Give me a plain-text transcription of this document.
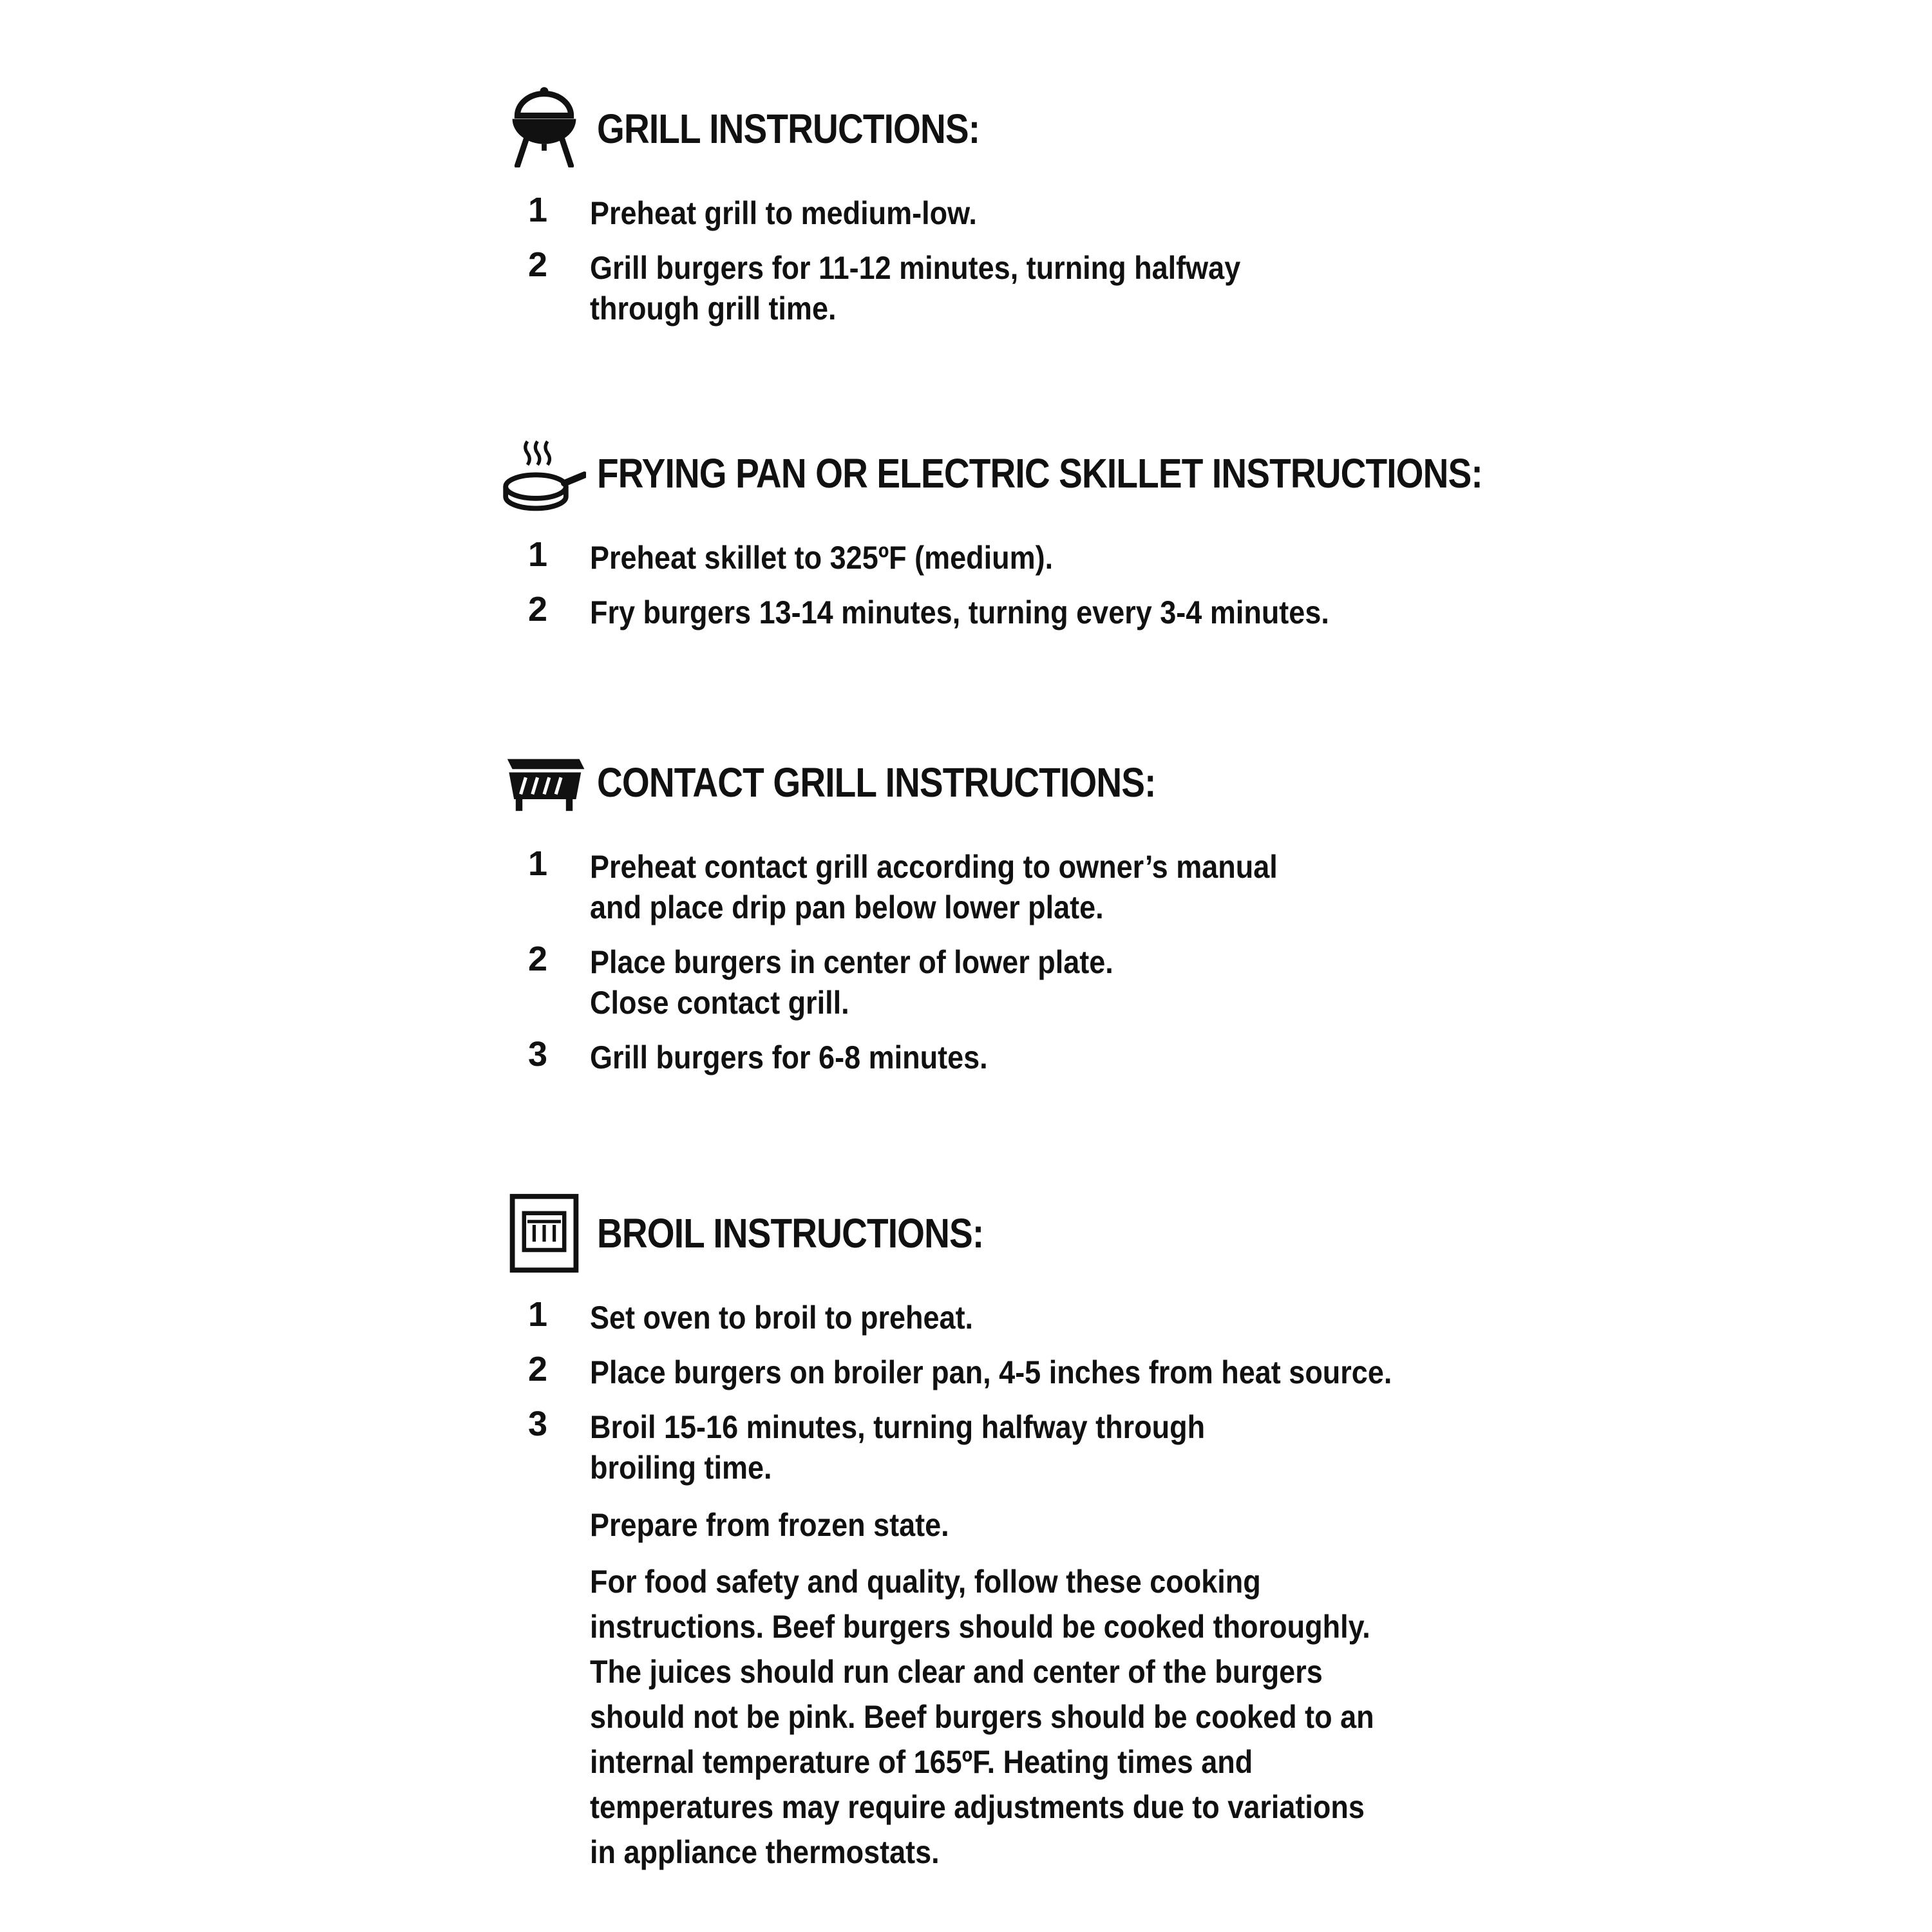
GRILL INSTRUCTIONS:
1 Preheat grill to medium-low.
2 Grill burgers for 11-12 minutes, turning halfway
through grill time.
FRYING PAN OR ELECTRIC SKILLET INSTRUCTIONS:
1 Preheat skillet to 325ºF (medium).
2 Fry burgers 13-14 minutes, turning every 3-4 minutes.
CONTACT GRILL INSTRUCTIONS:
1 Preheat contact grill according to owner’s manual
and place drip pan below lower plate.
2 Place burgers in center of lower plate.
Close contact grill.
3 Grill burgers for 6-8 minutes.
BROIL INSTRUCTIONS:
1 Set oven to broil to preheat.
2 Place burgers on broiler pan, 4-5 inches from heat source.
3 Broil 15-16 minutes, turning halfway through
broiling time.
Prepare from frozen state.
For food safety and quality, follow these cooking
instructions. Beef burgers should be cooked thoroughly.
The juices should run clear and center of the burgers
should not be pink. Beef burgers should be cooked to an
internal temperature of 165ºF. Heating times and
temperatures may require adjustments due to variations
in appliance thermostats.
